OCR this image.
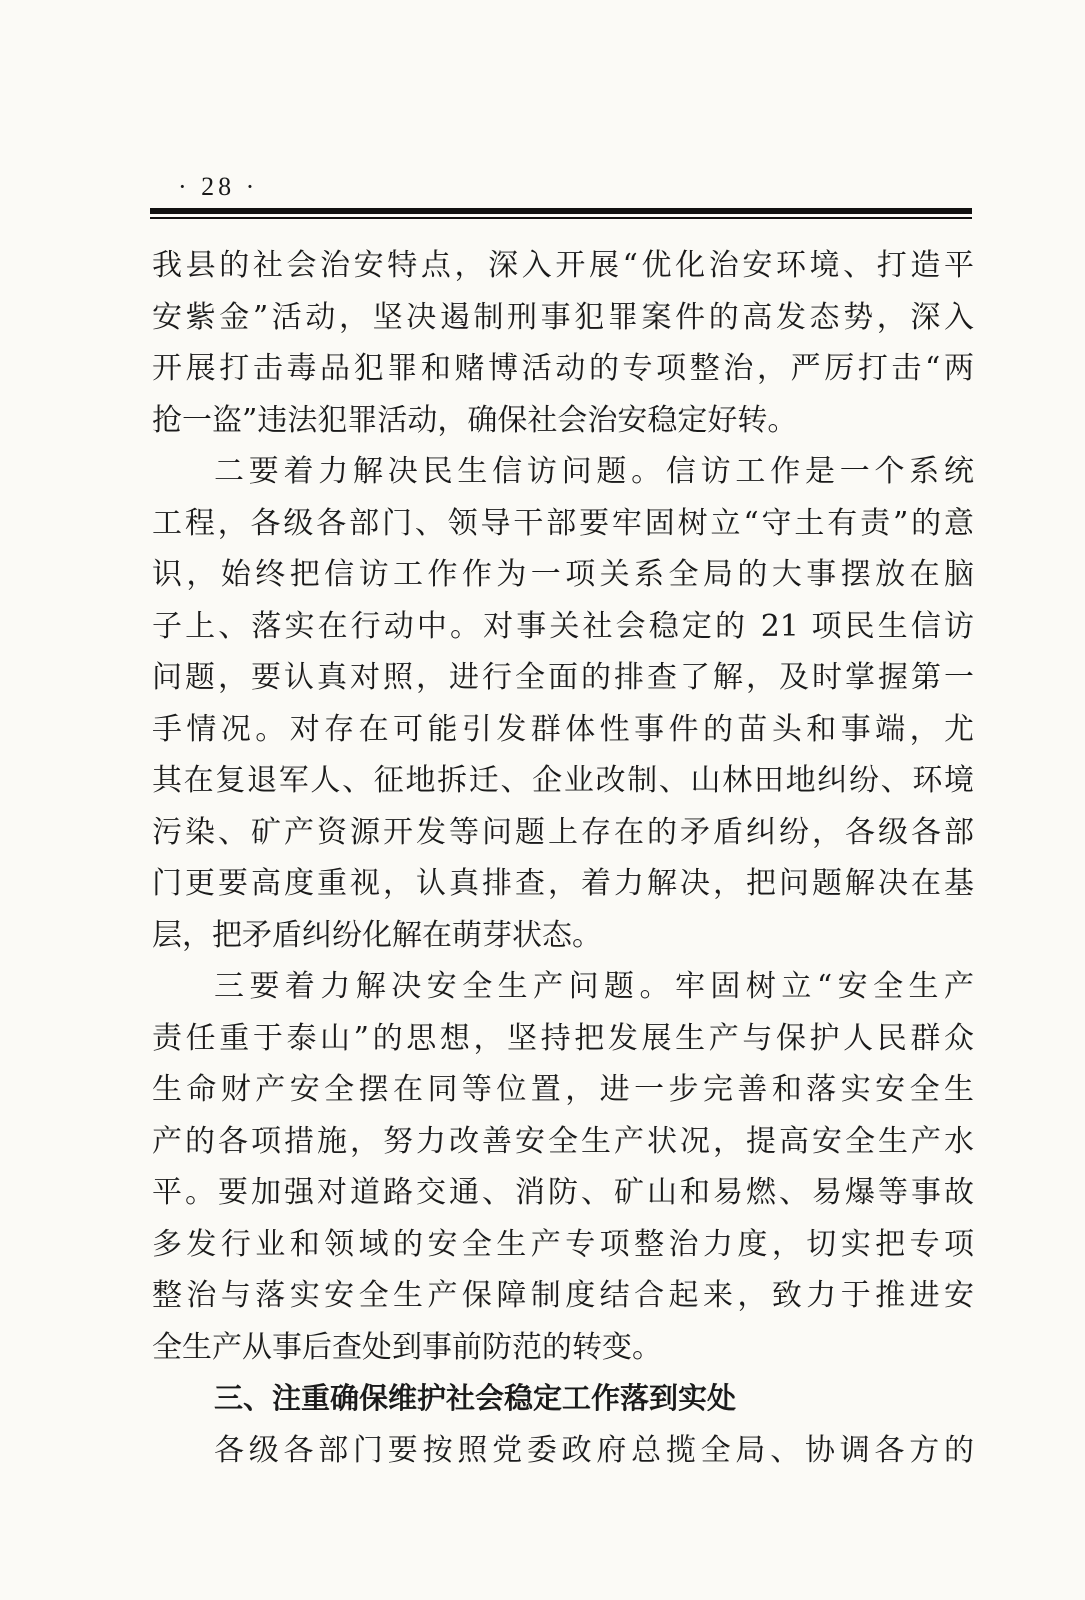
· 28 ·
我县的社会治安特点，深入开展“优化治安环境、打造平
安紫金”活动，坚决遏制刑事犯罪案件的高发态势，深入
开展打击毒品犯罪和赌博活动的专项整治，严厉打击“两
抢一盗”违法犯罪活动，确保社会治安稳定好转。
二要着力解决民生信访问题。信访工作是一个系统
工程，各级各部门、领导干部要牢固树立“守土有责”的意
识，始终把信访工作作为一项关系全局的大事摆放在脑
子上、落实在行动中。对事关社会稳定的 21 项民生信访
问题，要认真对照，进行全面的排查了解，及时掌握第一
手情况。对存在可能引发群体性事件的苗头和事端，尤
其在复退军人、征地拆迁、企业改制、山林田地纠纷、环境
污染、矿产资源开发等问题上存在的矛盾纠纷，各级各部
门更要高度重视，认真排查，着力解决，把问题解决在基
层，把矛盾纠纷化解在萌芽状态。
三要着力解决安全生产问题。牢固树立“安全生产
责任重于泰山”的思想，坚持把发展生产与保护人民群众
生命财产安全摆在同等位置，进一步完善和落实安全生
产的各项措施，努力改善安全生产状况，提高安全生产水
平。要加强对道路交通、消防、矿山和易燃、易爆等事故
多发行业和领域的安全生产专项整治力度，切实把专项
整治与落实安全生产保障制度结合起来，致力于推进安
全生产从事后查处到事前防范的转变。
三、注重确保维护社会稳定工作落到实处
各级各部门要按照党委政府总揽全局、协调各方的
